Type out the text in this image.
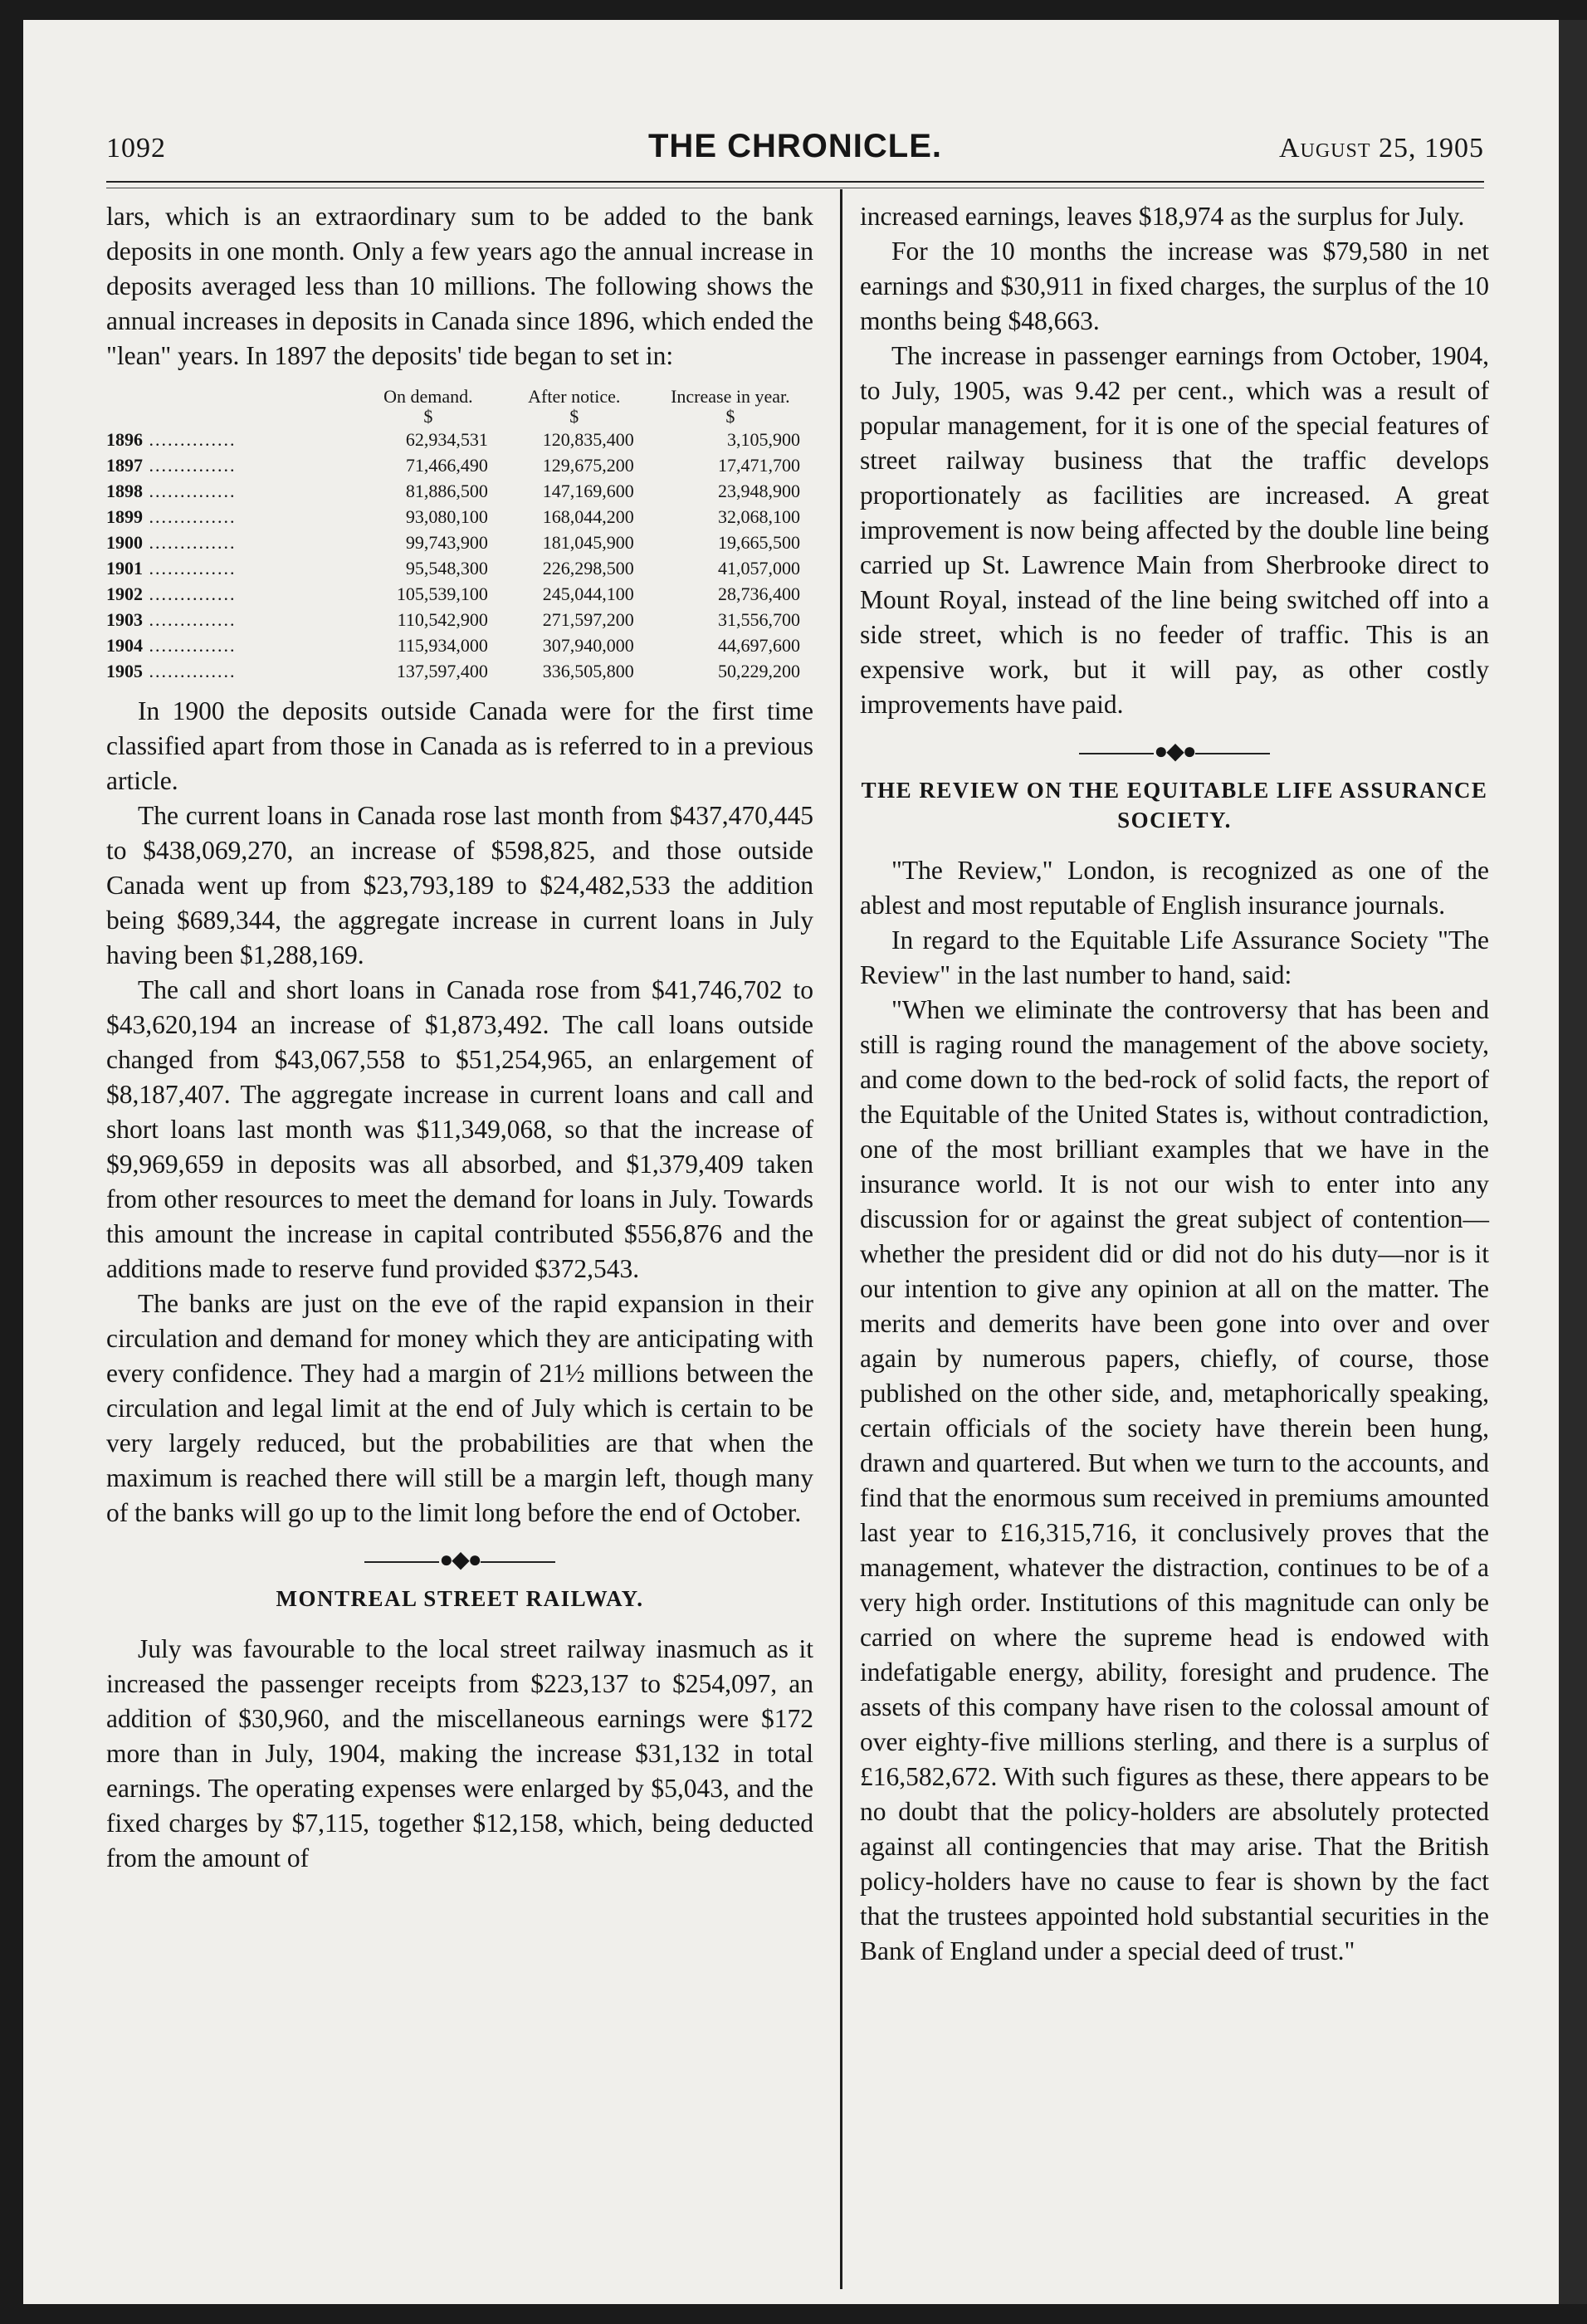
1092	THE CHRONICLE.	August 25, 1905

lars, which is an extraordinary sum to be added to the bank deposits in one month. Only a few years ago the annual increase in deposits averaged less than 10 millions. The following shows the annual increases in deposits in Canada since 1896, which ended the "lean" years. In 1897 the deposits' tide began to set in:

	On demand.	After notice.	Increase in year.
	$	$	$
1896 ..............	62,934,531	120,835,400	3,105,900
1897 ..............	71,466,490	129,675,200	17,471,700
1898 ..............	81,886,500	147,169,600	23,948,900
1899 ..............	93,080,100	168,044,200	32,068,100
1900 ..............	99,743,900	181,045,900	19,665,500
1901 ..............	95,548,300	226,298,500	41,057,000
1902 ..............	105,539,100	245,044,100	28,736,400
1903 ..............	110,542,900	271,597,200	31,556,700
1904 ..............	115,934,000	307,940,000	44,697,600
1905 ..............	137,597,400	336,505,800	50,229,200

In 1900 the deposits outside Canada were for the first time classified apart from those in Canada as is referred to in a previous article.

The current loans in Canada rose last month from $437,470,445 to $438,069,270, an increase of $598,825, and those outside Canada went up from $23,793,189 to $24,482,533 the addition being $689,344, the aggregate increase in current loans in July having been $1,288,169.

The call and short loans in Canada rose from $41,746,702 to $43,620,194 an increase of $1,873,492. The call loans outside changed from $43,067,558 to $51,254,965, an enlargement of $8,187,407. The aggregate increase in current loans and call and short loans last month was $11,349,068, so that the increase of $9,969,659 in deposits was all absorbed, and $1,379,409 taken from other resources to meet the demand for loans in July. Towards this amount the increase in capital contributed $556,876 and the additions made to reserve fund provided $372,543.

The banks are just on the eve of the rapid expansion in their circulation and demand for money which they are anticipating with every confidence. They had a margin of 21½ millions between the circulation and legal limit at the end of July which is certain to be very largely reduced, but the probabilities are that when the maximum is reached there will still be a margin left, though many of the banks will go up to the limit long before the end of October.

●◆●
MONTREAL STREET RAILWAY.

July was favourable to the local street railway inasmuch as it increased the passenger receipts from $223,137 to $254,097, an addition of $30,960, and the miscellaneous earnings were $172 more than in July, 1904, making the increase $31,132 in total earnings. The operating expenses were enlarged by $5,043, and the fixed charges by $7,115, together $12,158, which, being deducted from the amount of

increased earnings, leaves $18,974 as the surplus for July.

For the 10 months the increase was $79,580 in net earnings and $30,911 in fixed charges, the surplus of the 10 months being $48,663.

The increase in passenger earnings from October, 1904, to July, 1905, was 9.42 per cent., which was a result of popular management, for it is one of the special features of street railway business that the traffic develops proportionately as facilities are increased. A great improvement is now being affected by the double line being carried up St. Lawrence Main from Sherbrooke direct to Mount Royal, instead of the line being switched off into a side street, which is no feeder of traffic. This is an expensive work, but it will pay, as other costly improvements have paid.

●◆●
THE REVIEW ON THE EQUITABLE LIFE ASSURANCE SOCIETY.

"The Review," London, is recognized as one of the ablest and most reputable of English insurance journals.

In regard to the Equitable Life Assurance Society "The Review" in the last number to hand, said:

"When we eliminate the controversy that has been and still is raging round the management of the above society, and come down to the bed-rock of solid facts, the report of the Equitable of the United States is, without contradiction, one of the most brilliant examples that we have in the insurance world. It is not our wish to enter into any discussion for or against the great subject of contention—whether the president did or did not do his duty—nor is it our intention to give any opinion at all on the matter. The merits and demerits have been gone into over and over again by numerous papers, chiefly, of course, those published on the other side, and, metaphorically speaking, certain officials of the society have therein been hung, drawn and quartered. But when we turn to the accounts, and find that the enormous sum received in premiums amounted last year to £16,315,716, it conclusively proves that the management, whatever the distraction, continues to be of a very high order. Institutions of this magnitude can only be carried on where the supreme head is endowed with indefatigable energy, ability, foresight and prudence. The assets of this company have risen to the colossal amount of over eighty-five millions sterling, and there is a surplus of £16,582,672. With such figures as these, there appears to be no doubt that the policy-holders are absolutely protected against all contingencies that may arise. That the British policy-holders have no cause to fear is shown by the fact that the trustees appointed hold substantial securities in the Bank of England under a special deed of trust."
